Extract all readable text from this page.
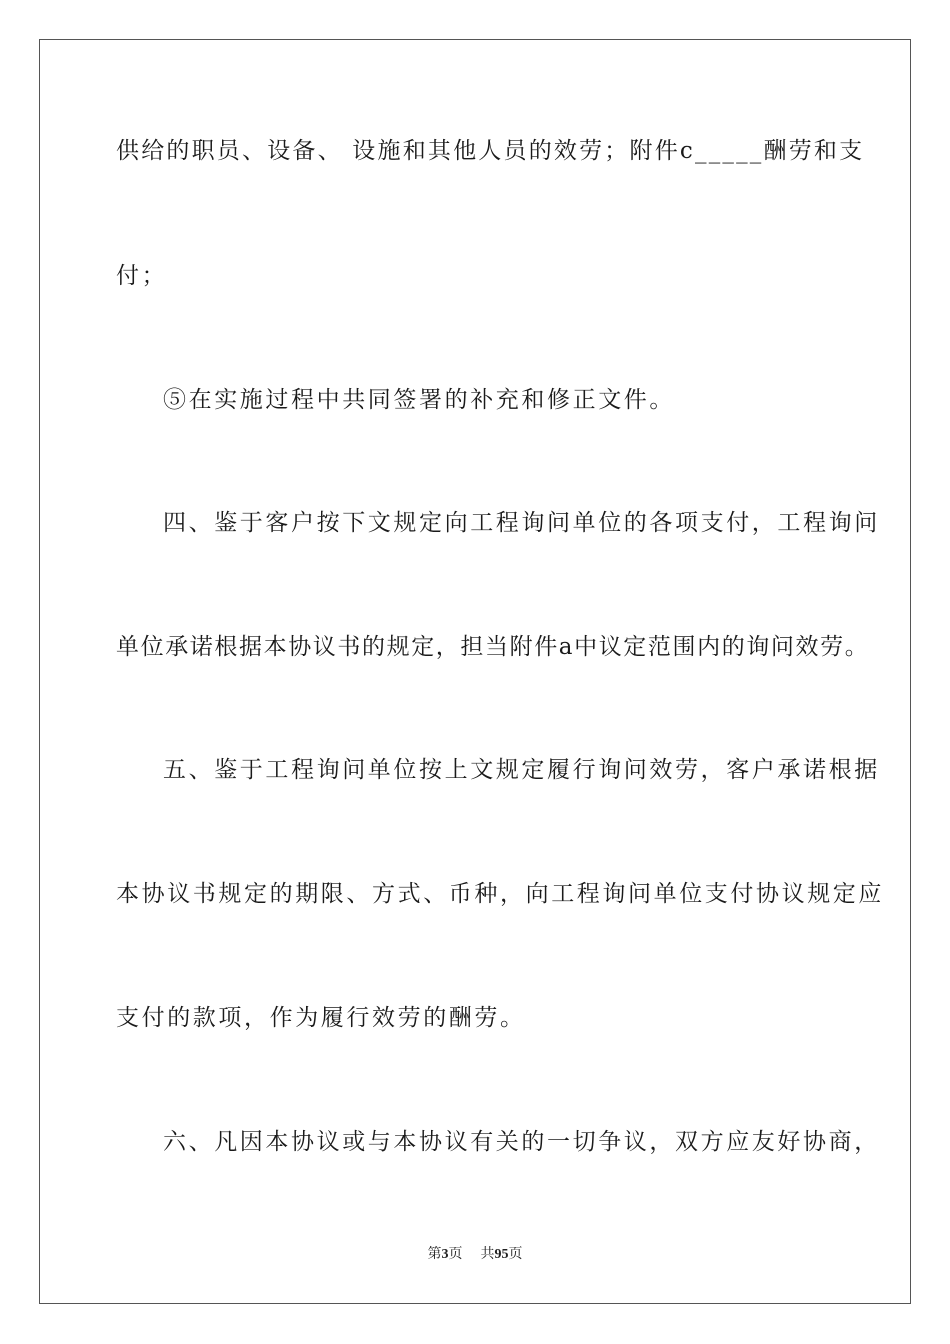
供给的职员、设备、 设施和其他人员的效劳；附件c_____酬劳和支
付；
⑤在实施过程中共同签署的补充和修正文件。
四、鉴于客户按下文规定向工程询问单位的各项支付，工程询问
单位承诺根据本协议书的规定，担当附件a中议定范围内的询问效劳。
五、鉴于工程询问单位按上文规定履行询问效劳，客户承诺根据
本协议书规定的期限、方式、币种，向工程询问单位支付协议规定应
支付的款项，作为履行效劳的酬劳。
六、凡因本协议或与本协议有关的一切争议，双方应友好协商，
第3页 共95页
